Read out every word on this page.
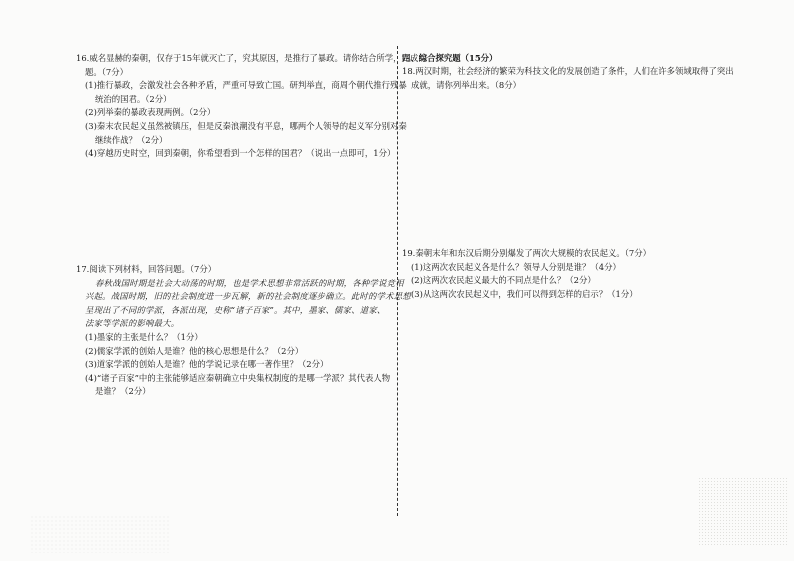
16.威名显赫的秦朝，仅存于15年就灭亡了，究其原因，是推行了暴政。请你结合所学，完成问
题。（7分）
(1)推行暴政，会激发社会各种矛盾，严重可导致亡国。研判举直，商周个朝代推行残暴
统治的国君。（2分）
(2)列举秦的暴政表现两例。（2分）
(3)秦末农民起义虽然被镇压，但是反秦浪潮没有平息，哪两个人领导的起义军分别对秦
继续作战？（2分）
(4)穿越历史时空，回到秦朝，你希望看到一个怎样的国君？（说出一点即可，1分）
17.阅读下列材料，回答问题。（7分）
春秋战国时期是社会大动荡的时期，也是学术思想非常活跃的时期，各种学说竞相
兴起。战国时期，旧的社会制度进一步瓦解，新的社会制度逐步确立。此时的学术思想
呈现出了不同的学派，各派出现，史称“诸子百家”。其中，墨家、儒家、道家、
法家等学派的影响最大。
(1)墨家的主张是什么？（1分）
(2)儒家学派的创始人是谁？他的核心思想是什么？（2分）
(3)道家学派的创始人是谁？他的学说记录在哪一著作里？（2分）
(4)“诸子百家”中的主张能够适应秦朝确立中央集权制度的是哪一学派？其代表人物
是谁？（2分）
四、综合探究题（15分）
18.两汉时期，社会经济的繁荣为科技文化的发展创造了条件，人们在许多领域取得了突出
成就，请你列举出来。（8分）
19.秦朝末年和东汉后期分别爆发了两次大规模的农民起义。（7分）
(1)这两次农民起义各是什么？领导人分别是谁？（4分）
(2)这两次农民起义最大的不同点是什么？（2分）
(3)从这两次农民起义中，我们可以得到怎样的启示？（1分）
